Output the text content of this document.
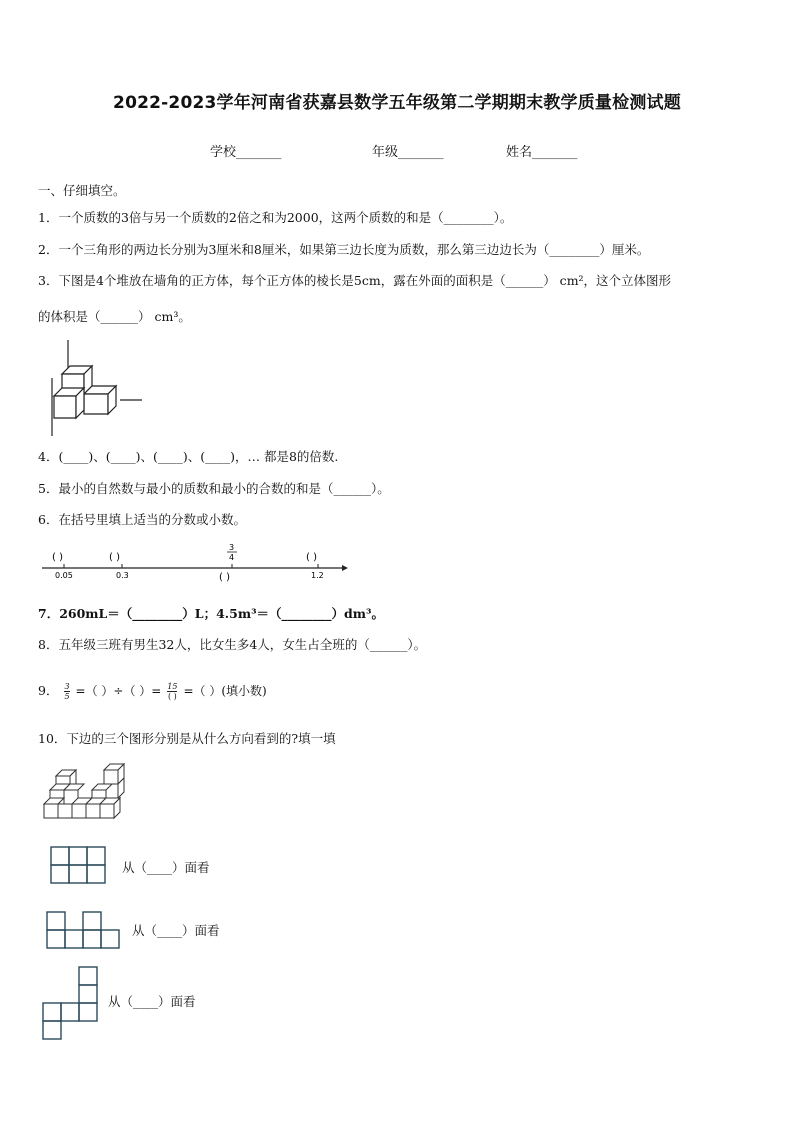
2022-2023学年河南省获嘉县数学五年级第二学期期末教学质量检测试题
学校_______	年级_______	姓名_______
一、仔细填空。
1．一个质数的3倍与另一个质数的2倍之和为2000，这两个质数的和是（________）。
2．一个三角形的两边长分别为3厘米和8厘米，如果第三边长度为质数，那么第三边边长为（________）厘米。
3．下图是4个堆放在墙角的正方体，每个正方体的棱长是5cm，露在外面的面积是（______） cm²，这个立体图形
的体积是（______） cm³。
4．(____)、(____)、(____)、(____)，… 都是8的倍数.
5．最小的自然数与最小的质数和最小的合数的和是（______）。
6．在括号里填上适当的分数或小数。
( )	( )	( )
( )
3
4
0.05	0.3	1.2
7．260mL＝（________）L；4.5m³＝（________）dm³。
8．五年级三班有男生32人，比女生多4人，女生占全班的（______）。
9． $\frac{3}{5}$ =（ ）÷（ ）= 15
( ) =（ ）(填小数)
10．下边的三个图形分别是从什么方向看到的?填一填
从（____）面看
从（____）面看
从（____）面看
